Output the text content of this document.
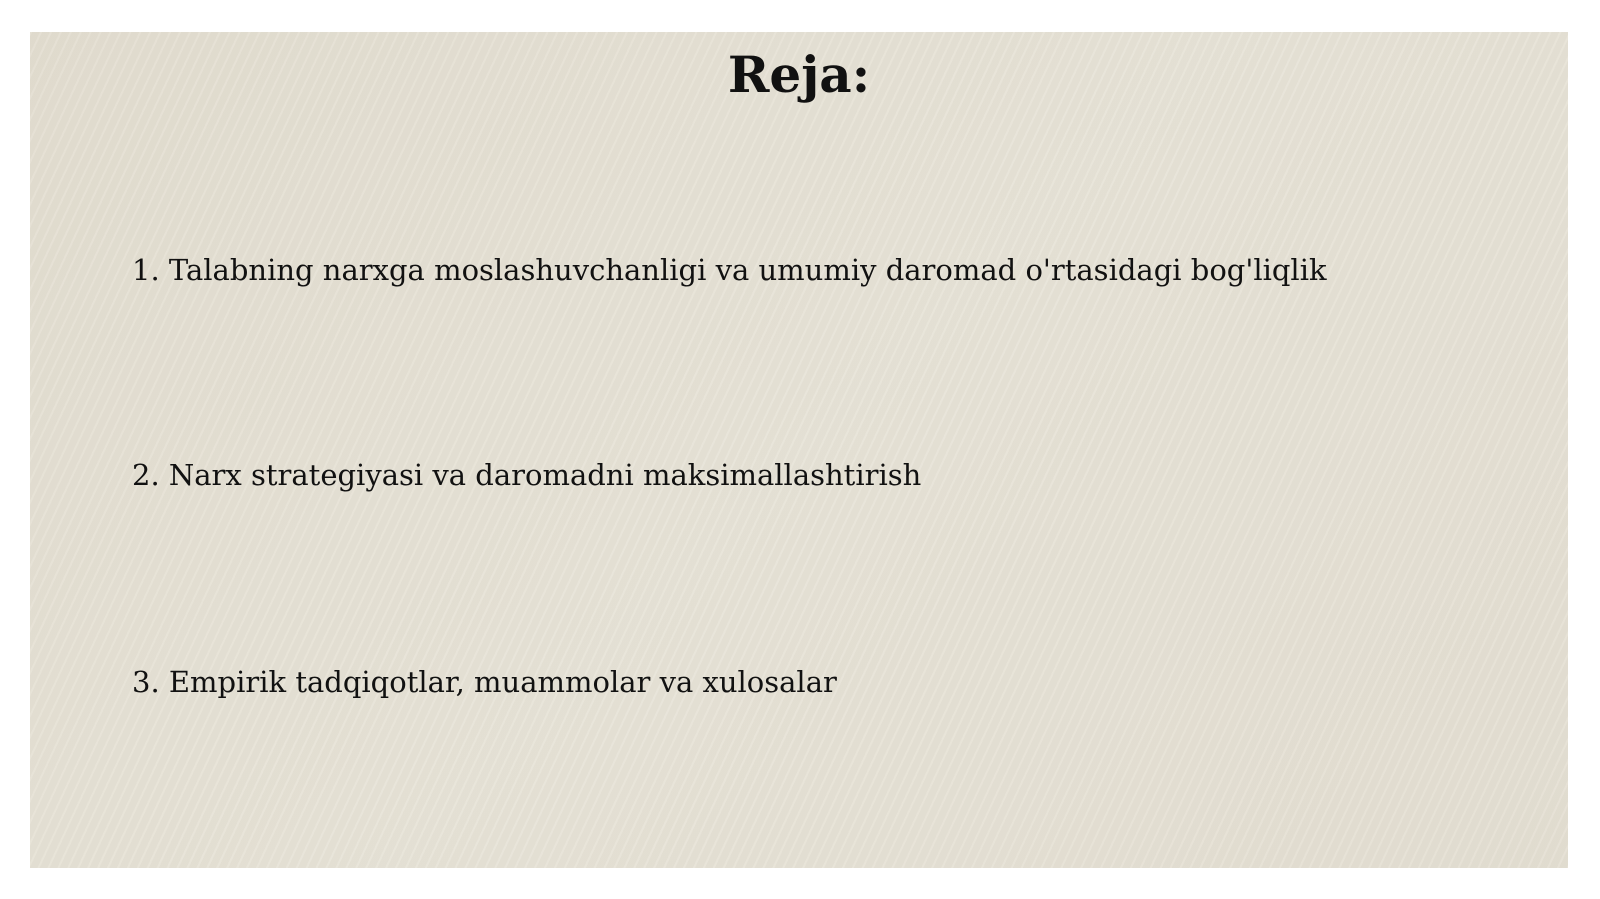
Reja:

1. Talabning narxga moslashuvchanligi va umumiy daromad o'rtasidagi bog'liqlik

2. Narx strategiyasi va daromadni maksimallashtirish

3. Empirik tadqiqotlar, muammolar va xulosalar
